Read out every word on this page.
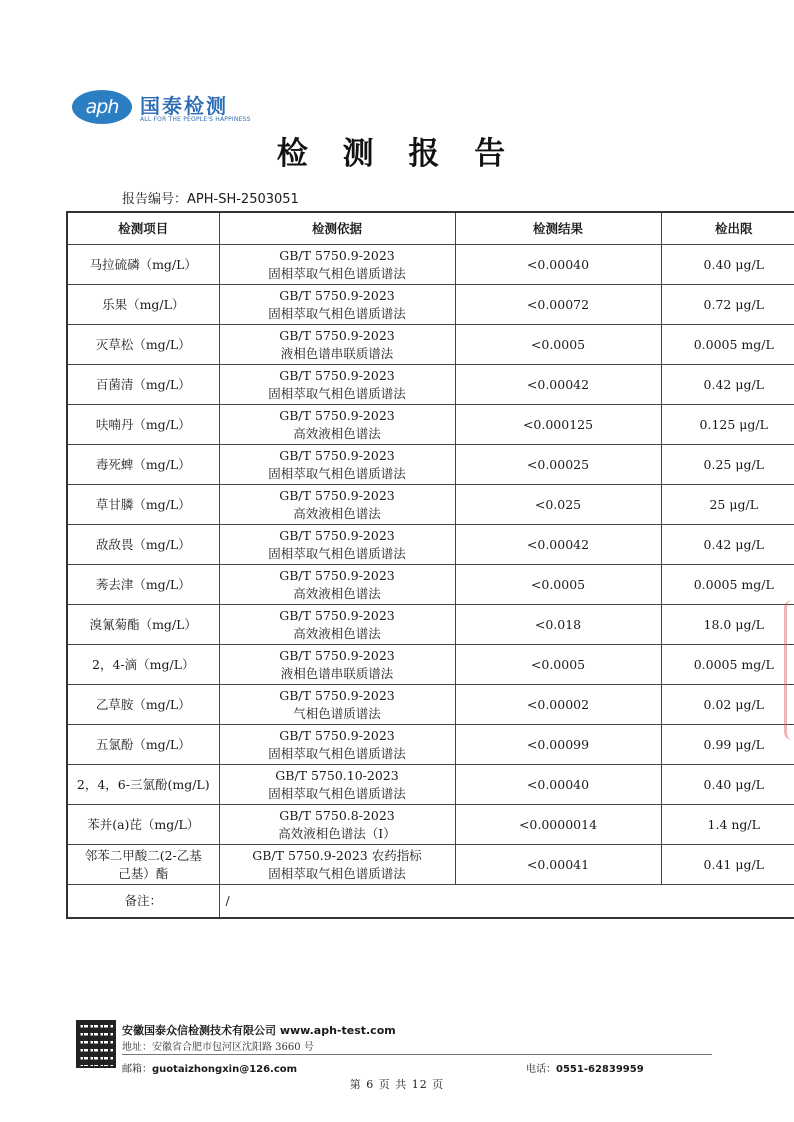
aph	国泰检测
ALL FOR THE PEOPLE'S HAPPINESS
检 测 报 告
报告编号：APH-SH-2503051
检测项目	检测依据	检测结果	检出限

马拉硫磷（mg/L）	GB/T 5750.9-2023
固相萃取气相色谱质谱法	<0.00040	0.40 μg/L

乐果（mg/L）	GB/T 5750.9-2023
固相萃取气相色谱质谱法	<0.00072	0.72 μg/L

灭草松（mg/L）	GB/T 5750.9-2023
液相色谱串联质谱法	<0.0005	0.0005 mg/L

百菌清（mg/L）	GB/T 5750.9-2023
固相萃取气相色谱质谱法	<0.00042	0.42 μg/L

呋喃丹（mg/L）	GB/T 5750.9-2023
高效液相色谱法	<0.000125	0.125 μg/L

毒死蜱（mg/L）	GB/T 5750.9-2023
固相萃取气相色谱质谱法	<0.00025	0.25 μg/L

草甘膦（mg/L）	GB/T 5750.9-2023
高效液相色谱法	<0.025	25 μg/L

敌敌畏（mg/L）	GB/T 5750.9-2023
固相萃取气相色谱质谱法	<0.00042	0.42 μg/L

莠去津（mg/L）	GB/T 5750.9-2023
高效液相色谱法	<0.0005	0.0005 mg/L

溴氰菊酯（mg/L）	GB/T 5750.9-2023
高效液相色谱法	<0.018	18.0 μg/L

2，4-滴（mg/L）	GB/T 5750.9-2023
液相色谱串联质谱法	<0.0005	0.0005 mg/L

乙草胺（mg/L）	GB/T 5750.9-2023
气相色谱质谱法	<0.00002	0.02 μg/L

五氯酚（mg/L）	GB/T 5750.9-2023
固相萃取气相色谱质谱法	<0.00099	0.99 μg/L

2，4，6-三氯酚(mg/L)	GB/T 5750.10-2023
固相萃取气相色谱质谱法	<0.00040	0.40 μg/L

苯并(a)芘（mg/L）	GB/T 5750.8-2023
高效液相色谱法（I）	<0.0000014	1.4 ng/L

邻苯二甲酸二(2-乙基
己基）酯	GB/T 5750.9-2023 农药指标
固相萃取气相色谱质谱法	<0.00041	0.41 μg/L

备注：	/		
安徽国泰众信检测技术有限公司 www.aph-test.com
地址：安徽省合肥市包河区沈阳路 3660 号
邮箱：guotaizhongxin@126.com	电话：0551-62839959
第 6 页 共 12 页
